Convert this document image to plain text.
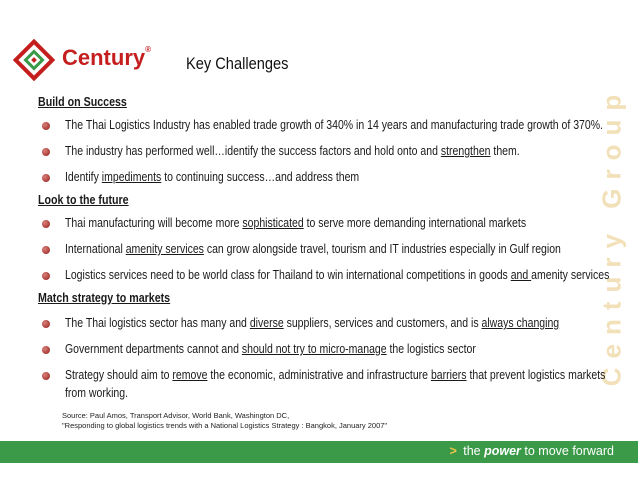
Century®
Key Challenges
Century Group
Build on Success
The Thai Logistics Industry has enabled trade growth of 340% in 14 years and manufacturing trade growth of 370%.
The industry has performed well…identify the success factors and hold onto and strengthen them.
Identify impediments to continuing success…and address them
Look to the future
Thai manufacturing will become more sophisticated to serve more demanding international markets
International amenity services can grow alongside travel, tourism and IT industries especially in Gulf region
Logistics services need to be world class for Thailand to win international competitions in goods and amenity services
Match strategy to markets
The Thai logistics sector has many and diverse suppliers, services and customers, and is always changing
Government departments cannot and should not try to micro-manage the logistics sector
Strategy should aim to remove the economic, administrative and infrastructure barriers that prevent logistics markets
from working.
Source: Paul Amos, Transport Advisor, World Bank, Washington DC,
"Responding to global logistics trends with a National Logistics Strategy : Bangkok, January 2007"
> the power to move forward
